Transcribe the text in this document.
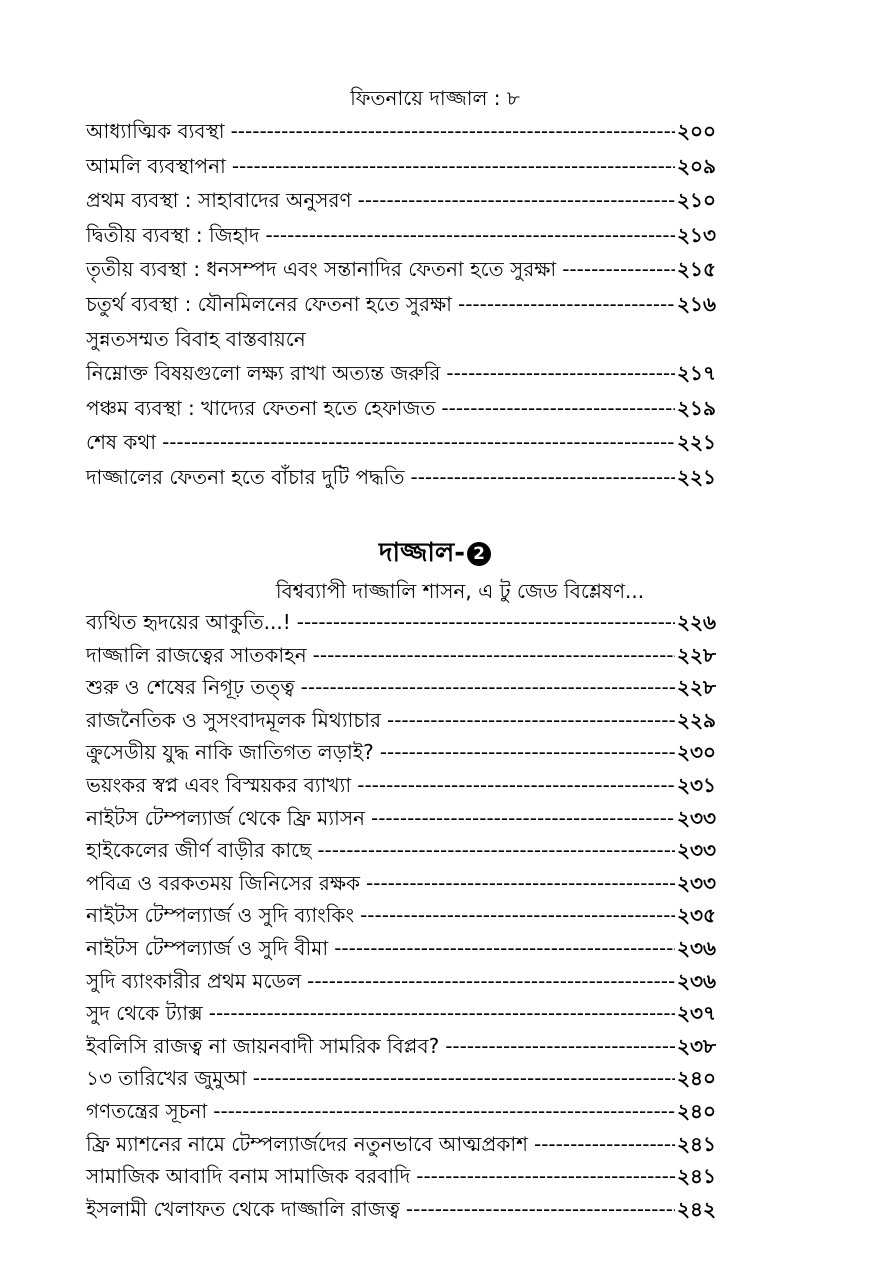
ফিতনায়ে দাজ্জাল : ৮
আধ্যাত্মিক ব্যবস্থা -----	২০০
আমলি ব্যবস্থাপনা -----	২০৯
প্রথম ব্যবস্থা : সাহাবাদের অনুসরণ -----	২১০
দ্বিতীয় ব্যবস্থা : জিহাদ -----	২১৩
তৃতীয় ব্যবস্থা : ধনসম্পদ এবং সন্তানাদির ফেতনা হতে সুরক্ষা -----	২১৫
চতুর্থ ব্যবস্থা : যৌনমিলনের ফেতনা হতে সুরক্ষা -----	২১৬
সুন্নতসম্মত বিবাহ বাস্তবায়নে
নিম্নোক্ত বিষয়গুলো লক্ষ্য রাখা অত্যন্ত জরুরি -----	২১৭
পঞ্চম ব্যবস্থা : খাদ্যের ফেতনা হতে হেফাজত -----	২১৯
শেষ কথা -----	২২১
দাজ্জালের ফেতনা হতে বাঁচার দুটি পদ্ধতি -----	২২১
দাজ্জাল- 2
বিশ্বব্যাপী দাজ্জালি শাসন, এ টু জেড বিশ্লেষণ...
ব্যথিত হৃদয়ের আকুতি...! -----	২২৬
দাজ্জালি রাজত্বের সাতকাহন -----	২২৮
শুরু ও শেষের নিগূঢ় তত্ত্ব -----	২২৮
রাজনৈতিক ও সুসংবাদমূলক মিথ্যাচার -----	২২৯
ক্রুসেডীয় যুদ্ধ নাকি জাতিগত লড়াই? -----	২৩০
ভয়ংকর স্বপ্ন এবং বিস্ময়কর ব্যাখ্যা -----	২৩১
নাইটস টেম্পল্যার্জ থেকে ফ্রি ম্যাসন -----	২৩৩
হাইকেলের জীর্ণ বাড়ীর কাছে -----	২৩৩
পবিত্র ও বরকতময় জিনিসের রক্ষক -----	২৩৩
নাইটস টেম্পল্যার্জ ও সুদি ব্যাংকিং -----	২৩৫
নাইটস টেম্পল্যার্জ ও সুদি বীমা -----	২৩৬
সুদি ব্যাংকারীর প্রথম মডেল -----	২৩৬
সুদ থেকে ট্যাক্স -----	২৩৭
ইবলিসি রাজত্ব না জায়নবাদী সামরিক বিপ্লব? -----	২৩৮
১৩ তারিখের জুমুআ -----	২৪০
গণতন্ত্রের সূচনা -----	২৪০
ফ্রি ম্যাশনের নামে টেম্পল্যার্জদের নতুনভাবে আত্মপ্রকাশ -----	২৪১
সামাজিক আবাদি বনাম সামাজিক বরবাদি -----	২৪১
ইসলামী খেলাফত থেকে দাজ্জালি রাজত্ব -----	২৪২
